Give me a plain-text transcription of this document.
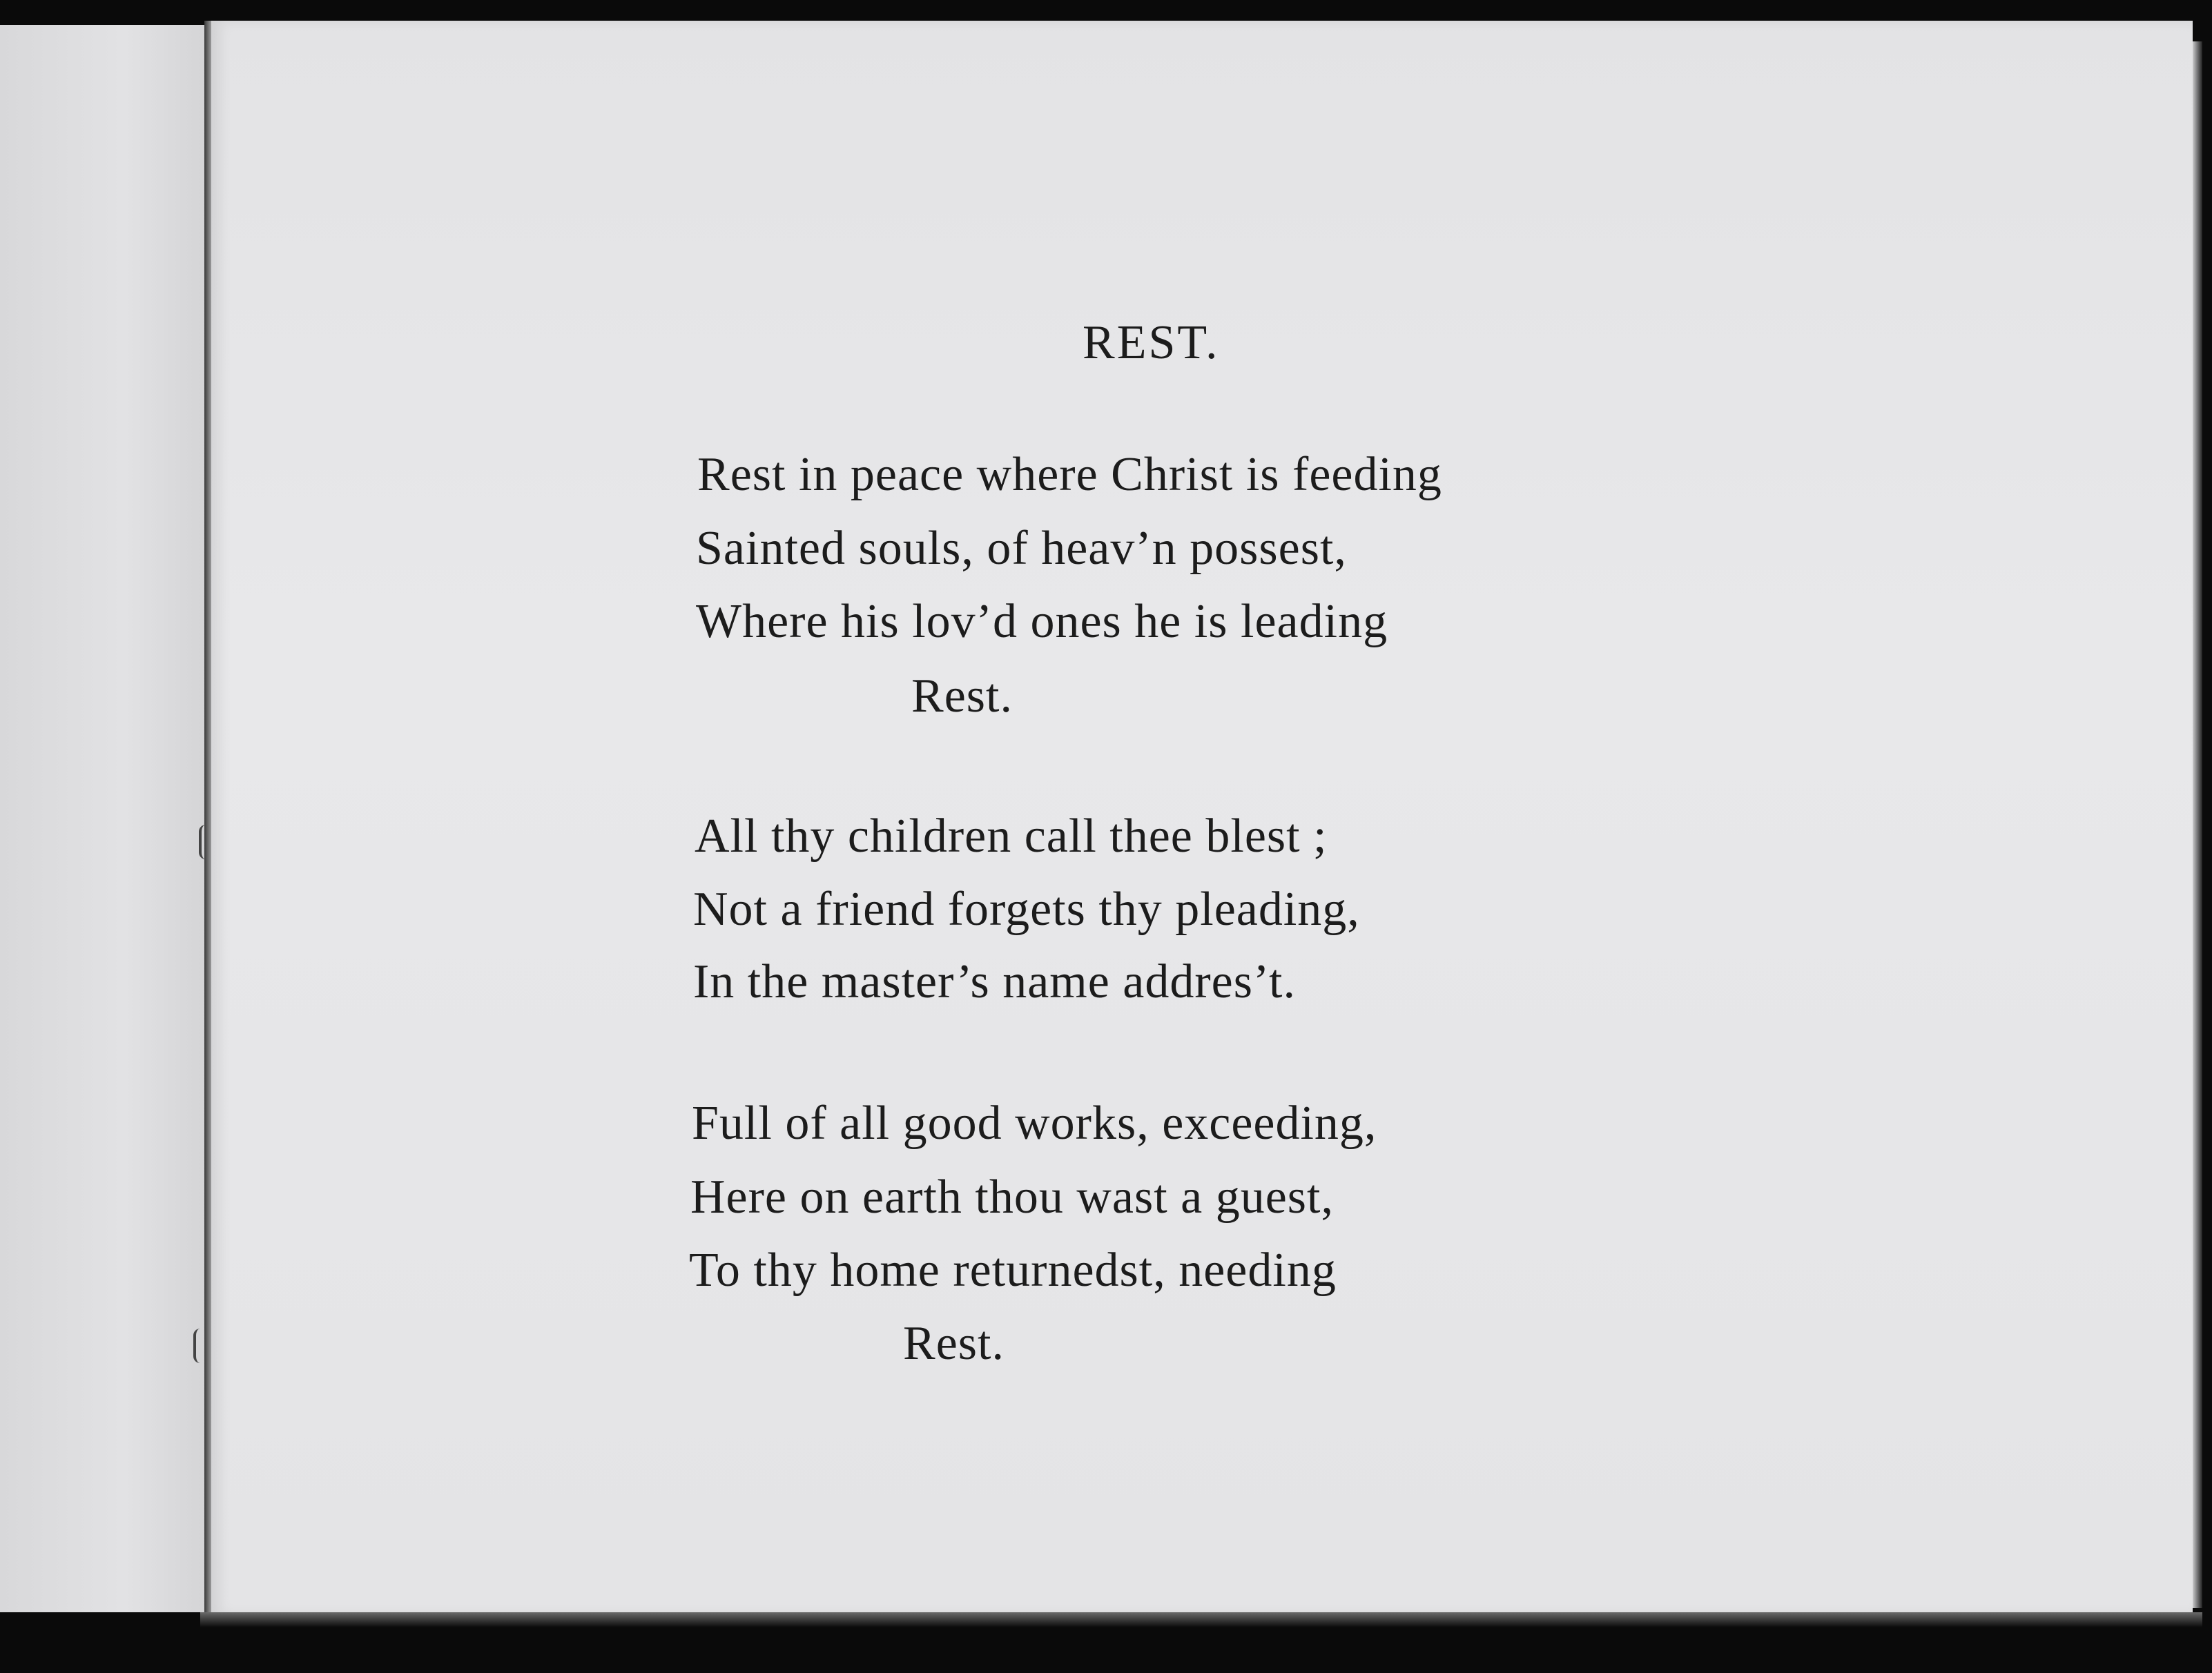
REST.
Rest in peace where Christ is feeding
Sainted souls, of heav’n possest,
Where his lov’d ones he is leading
Rest.
All thy children call thee blest ;
Not a friend forgets thy pleading,
In the master’s name addres’t.
Full of all good works, exceeding,
Here on earth thou wast a guest,
To thy home returnedst, needing
Rest.
